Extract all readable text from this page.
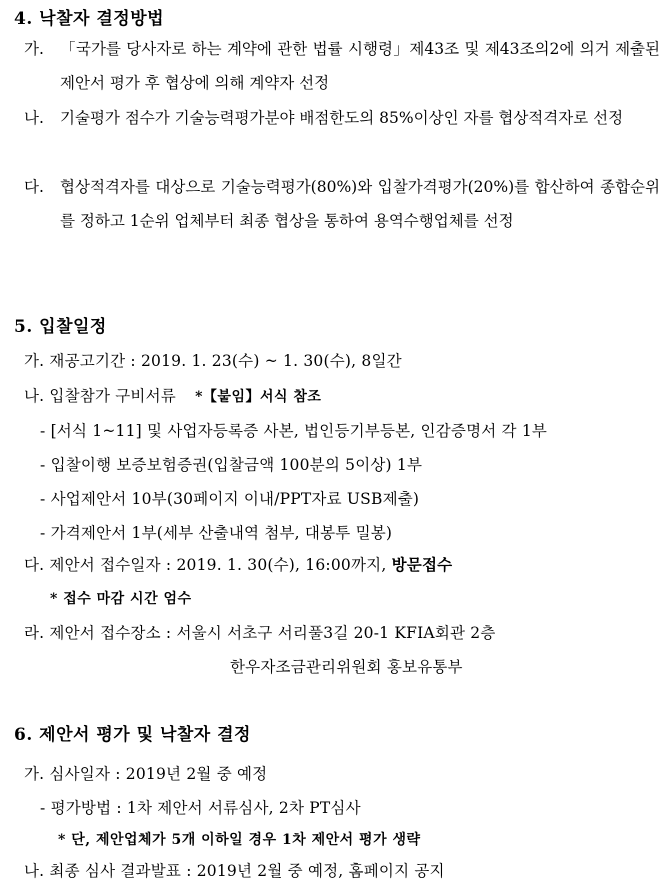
4. 낙찰자 결정방법
가.	「국가를 당사자로 하는 계약에 관한 법률 시행령」제43조 및 제43조의2에 의거 제출된 제안서 평가 후 협상에 의해 계약자 선정
나.	기술평가 점수가 기술능력평가분야 배점한도의 85%이상인 자를 협상적격자로 선정
다.	협상적격자를 대상으로 기술능력평가(80%)와 입찰가격평가(20%)를 합산하여 종합순위를 정하고 1순위 업체부터 최종 협상을 통하여 용역수행업체를 선정
5. 입찰일정
가. 재공고기간 : 2019. 1. 23(수) ~ 1. 30(수), 8일간
나. 입찰참가 구비서류 *【붙임】서식 참조
- [서식 1~11] 및 사업자등록증 사본, 법인등기부등본, 인감증명서 각 1부
- 입찰이행 보증보험증권(입찰금액 100분의 5이상) 1부
- 사업제안서 10부(30페이지 이내/PPT자료 USB제출)
- 가격제안서 1부(세부 산출내역 첨부, 대봉투 밀봉)
다. 제안서 접수일자 : 2019. 1. 30(수), 16:00까지, 방문접수
* 접수 마감 시간 엄수
라. 제안서 접수장소 : 서울시 서초구 서리풀3길 20-1 KFIA회관 2층
한우자조금관리위원회 홍보유통부
6. 제안서 평가 및 낙찰자 결정
가. 심사일자 : 2019년 2월 중 예정
- 평가방법 : 1차 제안서 서류심사, 2차 PT심사
* 단, 제안업체가 5개 이하일 경우 1차 제안서 평가 생략
나. 최종 심사 결과발표 : 2019년 2월 중 예정, 홈페이지 공지
